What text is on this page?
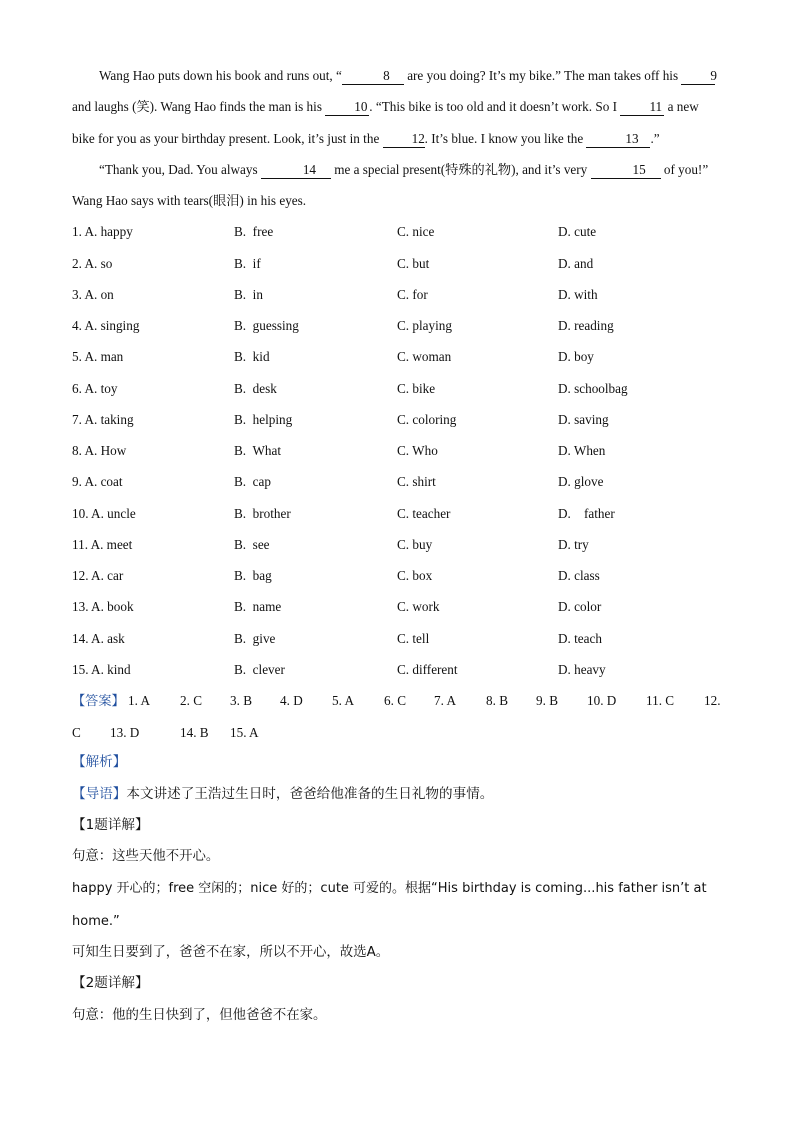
Wang Hao puts down his book and runs out, “	8 are you doing? It’s my bike.” The man takes off his 9 and laughs (笑). Wang Hao finds the man is his 10 . “This bike is too old and it doesn’t work. So I 11 a new bike for you as your birthday present. Look, it’s just in the 12. It’s blue. I know you like the	13 .”

“Thank you, Dad. You always	14 me a special present(特殊的礼物), and it’s very	15 of you!” Wang Hao says with tears(眼泪) in his eyes.

1. A. happy	B.  free	C. nice	D. cute
2. A. so	B.  if	C. but	D. and
3. A. on	B.  in	C. for	D. with
4. A. singing	B.  guessing	C. playing	D. reading
5. A. man	B.  kid	C. woman	D. boy
6. A. toy	B.  desk	C. bike	D. schoolbag
7. A. taking	B.  helping	C. coloring	D. saving
8. A. How	B.  What	C. Who	D. When
9. A. coat	B.  cap	C. shirt	D. glove
10. A. uncle	B.  brother	C. teacher	D.    father
11. A. meet	B.  see	C. buy	D. try
12. A. car	B.  bag	C. box	D. class
13. A. book	B.  name	C. work	D. color
14. A. ask	B.  give	C. tell	D. teach
15. A. kind	B.  clever	C. different	D. heavy
【答案】 1. A 2. C 3. B 4. D 5. A 6. C 7. A 8. B 9. B 10. D 11. C 12.
C 13. D	14. B 15. A

【解析】

【导语】本文讲述了王浩过生日时，爸爸给他准备的生日礼物的事情。

【1题详解】

句意：这些天他不开心。

happy 开心的；free 空闲的；nice 好的；cute 可爱的。根据“His birthday is coming...his father isn’t at home.”

可知生日要到了，爸爸不在家，所以不开心，故选A。

【2题详解】

句意：他的生日快到了，但他爸爸不在家。
